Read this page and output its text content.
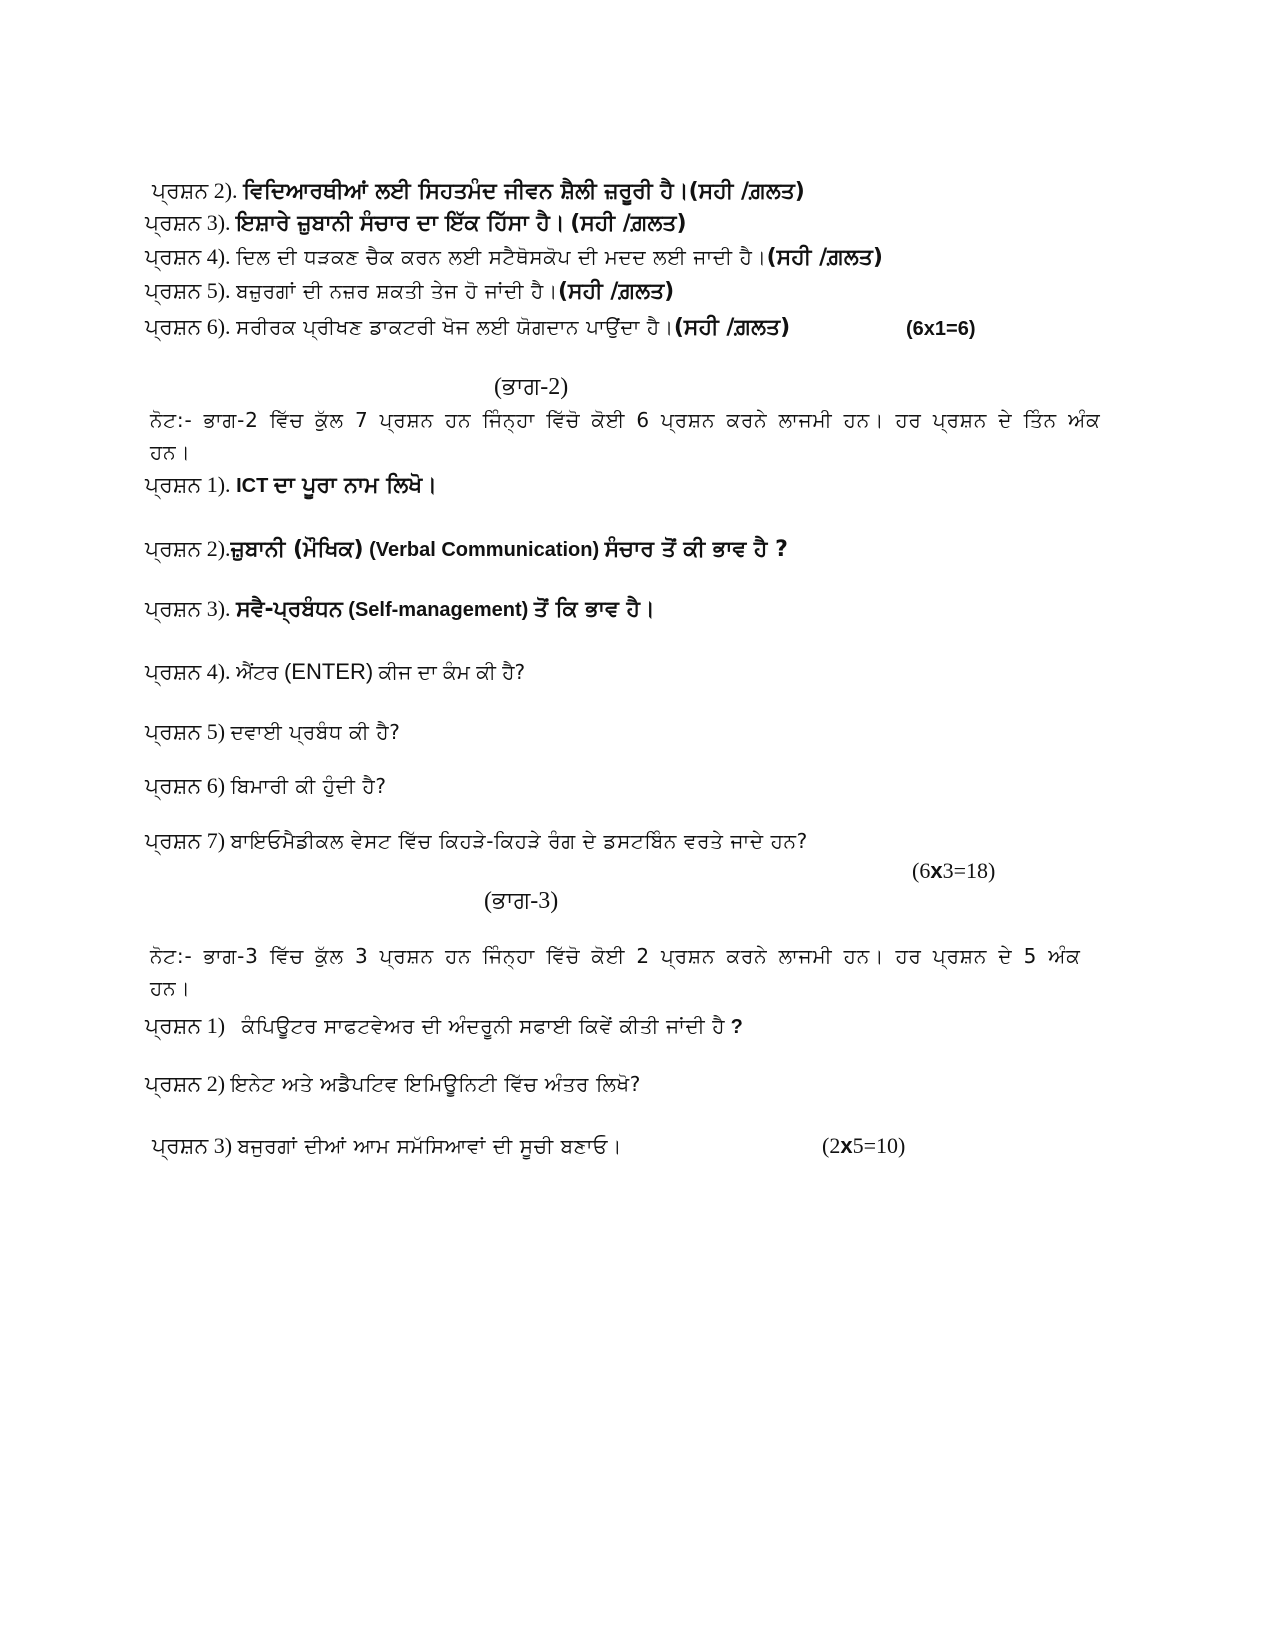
ਪ੍ਰਸ਼ਨ 2). ਵਿਦਿਆਰਥੀਆਂ ਲਈ ਸਿਹਤਮੰਦ ਜੀਵਨ ਸ਼ੈਲੀ ਜ਼ਰੂਰੀ ਹੈ।(ਸਹੀ /ਗ਼ਲਤ)
ਪ੍ਰਸ਼ਨ 3). ਇਸ਼ਾਰੇ ਜ਼ੁਬਾਨੀ ਸੰਚਾਰ ਦਾ ਇੱਕ ਹਿੱਸਾ ਹੈ। (ਸਹੀ /ਗ਼ਲਤ)
ਪ੍ਰਸ਼ਨ 4). ਦਿਲ ਦੀ ਧੜਕਣ ਚੈਕ ਕਰਨ ਲਈ ਸਟੈਥੋਸਕੋਪ ਦੀ ਮਦਦ ਲਈ ਜਾਦੀ ਹੈ।(ਸਹੀ /ਗ਼ਲਤ)
ਪ੍ਰਸ਼ਨ 5). ਬਜ਼ੁਰਗਾਂ ਦੀ ਨਜ਼ਰ ਸ਼ਕਤੀ ਤੇਜ ਹੋ ਜਾਂਦੀ ਹੈ।(ਸਹੀ /ਗ਼ਲਤ)
ਪ੍ਰਸ਼ਨ 6). ਸਰੀਰਕ ਪ੍ਰੀਖਣ ਡਾਕਟਰੀ ਖੋਜ ਲਈ ਯੋਗਦਾਨ ਪਾਉਂਦਾ ਹੈ।(ਸਹੀ /ਗ਼ਲਤ)	(6x1=6)
(ਭਾਗ-2)
ਨੋਟ:- ਭਾਗ-2 ਵਿੱਚ ਕੁੱਲ 7 ਪ੍ਰਸ਼ਨ ਹਨ ਜਿੰਨ੍ਹਾ ਵਿੱਚੋ ਕੋਈ 6 ਪ੍ਰਸ਼ਨ ਕਰਨੇ ਲਾਜਮੀ ਹਨ। ਹਰ ਪ੍ਰਸ਼ਨ ਦੇ ਤਿੰਨ ਅੰਕ ਹਨ।
ਪ੍ਰਸ਼ਨ 1). ICT ਦਾ ਪੂਰਾ ਨਾਮ ਲਿਖੋ।
ਪ੍ਰਸ਼ਨ 2).ਜ਼ੁਬਾਨੀ (ਮੌਖਿਕ) (Verbal Communication) ਸੰਚਾਰ ਤੋਂ ਕੀ ਭਾਵ ਹੈ ?
ਪ੍ਰਸ਼ਨ 3). ਸਵੈ-ਪ੍ਰਬੰਧਨ (Self-management) ਤੋਂ ਕਿ ਭਾਵ ਹੈ।
ਪ੍ਰਸ਼ਨ 4). ਐਂਟਰ (ENTER) ਕੀਜ ਦਾ ਕੰਮ ਕੀ ਹੈ?
ਪ੍ਰਸ਼ਨ 5) ਦਵਾਈ ਪ੍ਰਬੰਧ ਕੀ ਹੈ?
ਪ੍ਰਸ਼ਨ 6) ਬਿਮਾਰੀ ਕੀ ਹੁੰਦੀ ਹੈ?
ਪ੍ਰਸ਼ਨ 7) ਬਾਇਓਮੈਡੀਕਲ ਵੇਸਟ ਵਿੱਚ ਕਿਹੜੇ-ਕਿਹੜੇ ਰੰਗ ਦੇ ਡਸਟਬਿੰਨ ਵਰਤੇ ਜਾਦੇ ਹਨ?
(6x3=18)
(ਭਾਗ-3)
ਨੋਟ:- ਭਾਗ-3 ਵਿੱਚ ਕੁੱਲ 3 ਪ੍ਰਸ਼ਨ ਹਨ ਜਿੰਨ੍ਹਾ ਵਿੱਚੋ ਕੋਈ 2 ਪ੍ਰਸ਼ਨ ਕਰਨੇ ਲਾਜਮੀ ਹਨ। ਹਰ ਪ੍ਰਸ਼ਨ ਦੇ 5 ਅੰਕ ਹਨ।
ਪ੍ਰਸ਼ਨ 1) ਕੰਪਿਊਟਰ ਸਾਫਟਵੇਅਰ ਦੀ ਅੰਦਰੂਨੀ ਸਫਾਈ ਕਿਵੇਂ ਕੀਤੀ ਜਾਂਦੀ ਹੈ ?
ਪ੍ਰਸ਼ਨ 2) ਇਨੇਟ ਅਤੇ ਅਡੈਪਟਿਵ ਇਮਿਊਨਿਟੀ ਵਿੱਚ ਅੰਤਰ ਲਿਖੋ?
ਪ੍ਰਸ਼ਨ 3) ਬਜੁਰਗਾਂ ਦੀਆਂ ਆਮ ਸਮੱਸਿਆਵਾਂ ਦੀ ਸੂਚੀ ਬਣਾਓ।	(2x5=10)
